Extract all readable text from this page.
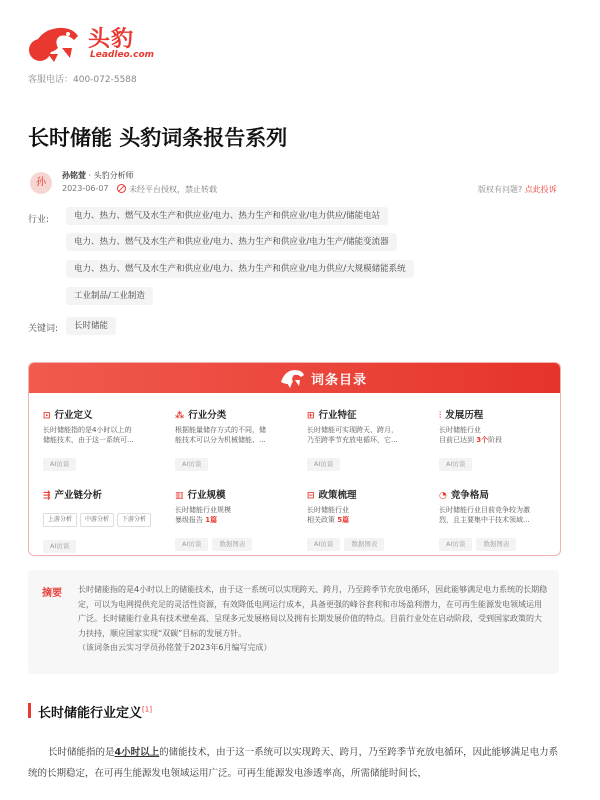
头豹
Leadleo.com
客服电话：400-072-5588
长时储能 头豹词条报告系列
孙
孙铭萱 · 头豹分析师
2023-06-07	未经平台授权，禁止转载	版权有问题? 点此投诉
行业:	电力、热力、燃气及水生产和供应业/电力、热力生产和供应业/电力供应/储能电站
电力、热力、燃气及水生产和供应业/电力、热力生产和供应业/电力生产/储能变流器
电力、热力、燃气及水生产和供应业/电力、热力生产和供应业/电力供应/大规模储能系统
工业制品/工业制造
关键词:	长时储能
词条目录
⊡ 行业定义
长时储能指的是4小时以上的
储能技术，由于这一系统可...
AI访谈
⁂ 行业分类
根据能量储存方式的不同，储
能技术可以分为机械储能、...
AI访谈
⊞ 行业特征
长时储能可实现跨天、跨月，
乃至跨季节充放电循环，它...
AI访谈
⫶ 发展历程
长时储能行业
目前已达到 3个阶段
AI访谈
⇶ 产业链分析
上游分析 中游分析 下游分析
AI访谈
▥ 行业规模
长时储能行业规模
暴级报告 1篇
AI访谈	数据图表
⊟ 政策梳理
长时储能行业
相关政策 5篇
AI访谈	数据图表
◔ 竞争格局
长时储能行业目前竞争较为激
烈，且主要集中于技术领域...
AI访谈	数据图表
摘要 长时储能指的是4小时以上的储能技术，由于这一系统可以实现跨天、跨月，乃至跨季节充放电循环，因此能够满足电力系统的长期稳定，可以为电网提供充足的灵活性资源，有效降低电网运行成本，具备更强的峰谷套利和市场盈利潜力，在可再生能源发电领域运用广泛。长时储能行业具有技术壁垒高、呈现多元发展格局以及拥有长期发展价值的特点。目前行业处在启动阶段，受到国家政策的大力扶持，顺应国家实现“双碳”目标的发展方针。
（该词条由云实习学员孙铭萱于2023年6月编写完成）
长时储能行业定义[1]
长时储能指的是4小时以上的储能技术，由于这一系统可以实现跨天、跨月，乃至跨季节充放电循环，因此能够满足电力系统的长期稳定，在可再生能源发电领域运用广泛。可再生能源发电渗透率高，所需储能时间长，
